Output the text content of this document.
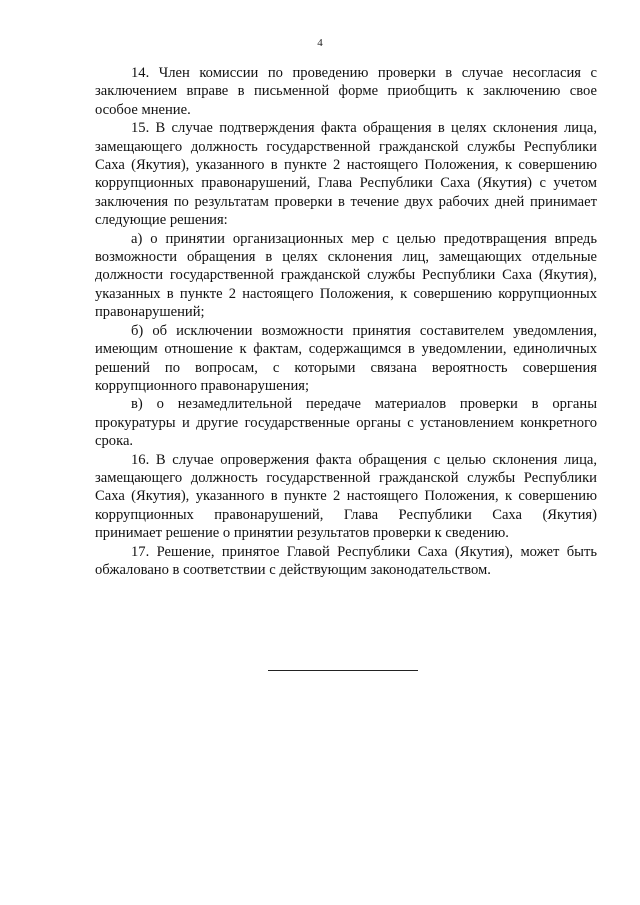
4
14. Член комиссии по проведению проверки в случае несогласия с
заключением вправе в письменной форме приобщить к заключению свое
особое мнение.
15. В случае подтверждения факта обращения в целях склонения лица,
замещающего должность государственной гражданской службы Республики
Саха (Якутия), указанного в пункте 2 настоящего Положения, к совершению
коррупционных правонарушений, Глава Республики Саха (Якутия) с учетом
заключения по результатам проверки в течение двух рабочих дней принимает
следующие решения:
а) о принятии организационных мер с целью предотвращения впредь
возможности обращения в целях склонения лиц, замещающих отдельные
должности государственной гражданской службы Республики Саха (Якутия),
указанных в пункте 2 настоящего Положения, к совершению коррупционных
правонарушений;
б) об исключении возможности принятия составителем уведомления,
имеющим отношение к фактам, содержащимся в уведомлении, единоличных
решений по вопросам, с которыми связана вероятность совершения
коррупционного правонарушения;
в) о незамедлительной передаче материалов проверки в органы
прокуратуры и другие государственные органы с установлением конкретного
срока.
16. В случае опровержения факта обращения с целью склонения лица,
замещающего должность государственной гражданской службы Республики
Саха (Якутия), указанного в пункте 2 настоящего Положения, к совершению
коррупционных правонарушений, Глава Республики Саха (Якутия)
принимает решение о принятии результатов проверки к сведению.
17. Решение, принятое Главой Республики Саха (Якутия), может быть
обжаловано в соответствии с действующим законодательством.
